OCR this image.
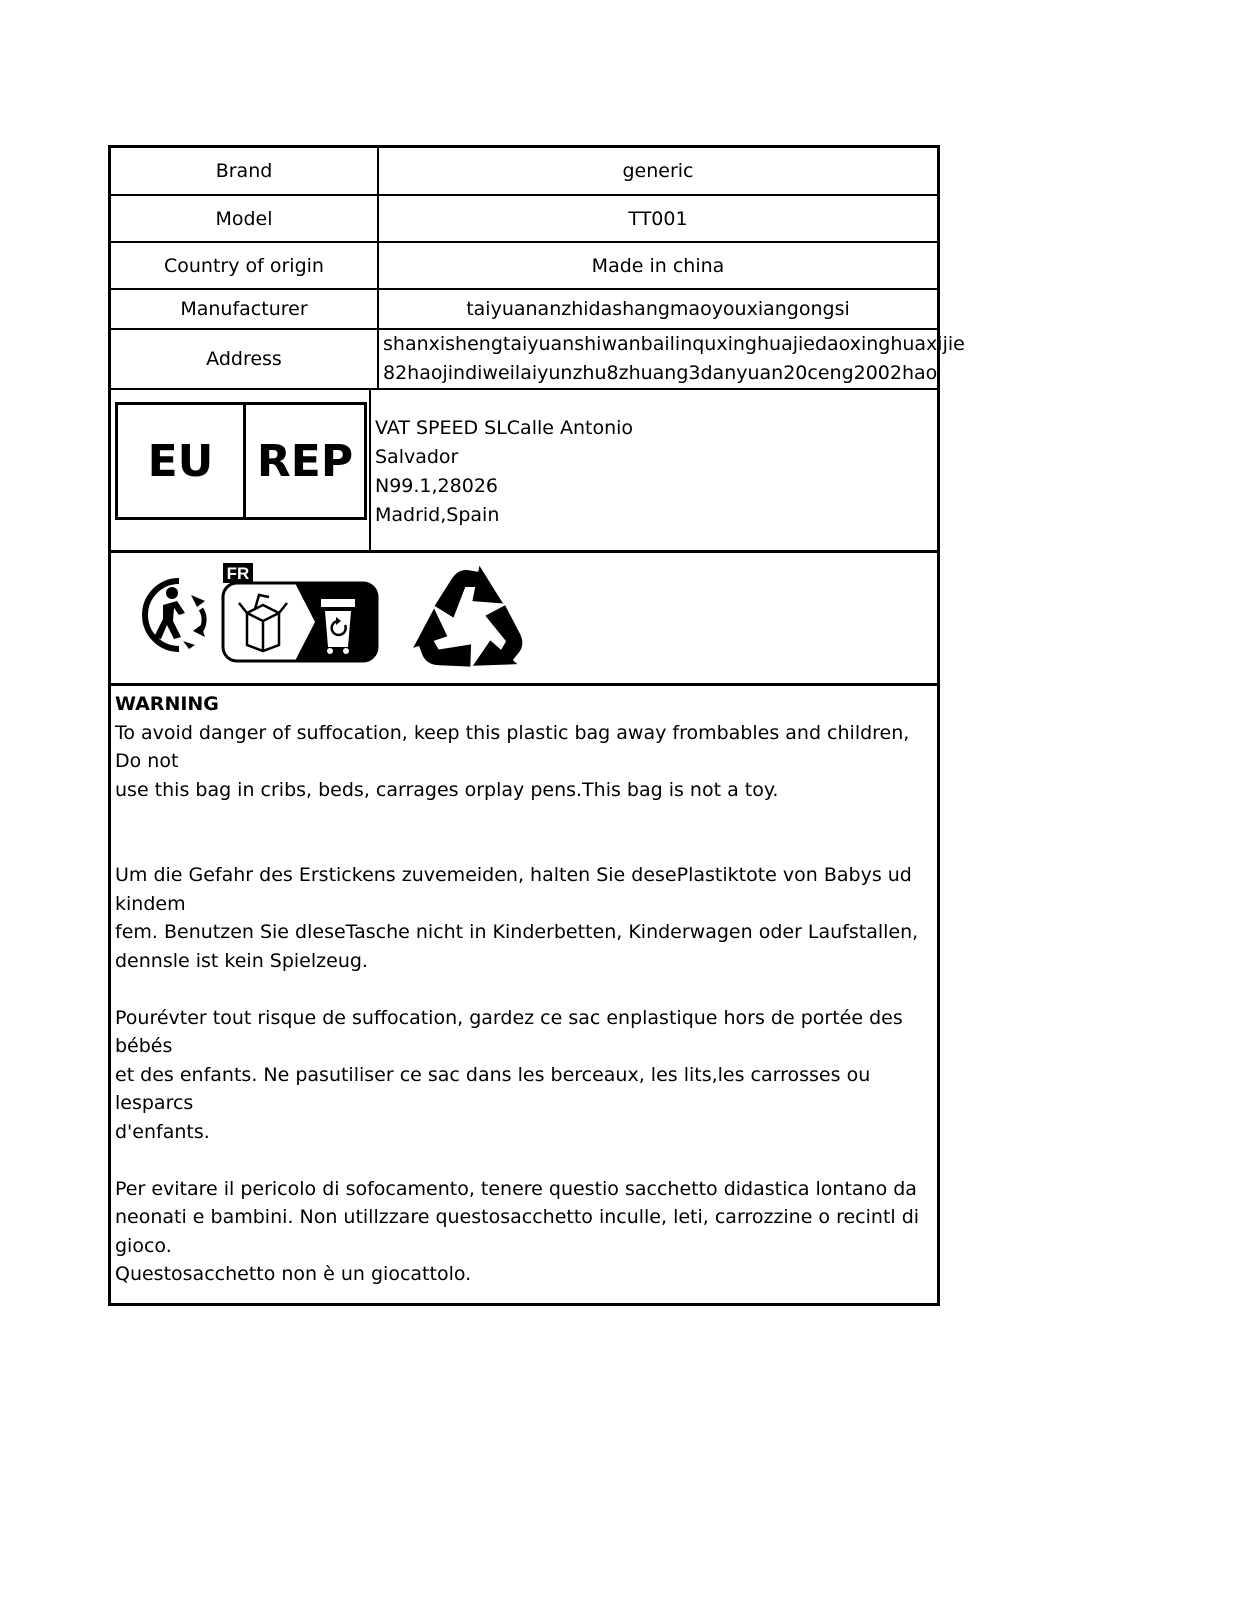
Brand	generic
Model	TT001
Country of origin	Made in china
Manufacturer	taiyuananzhidashangmaoyouxiangongsi
Address	shanxishengtaiyuanshiwanbailinquxinghuajiedaoxinghuaxijie
82haojindiweilaiyunzhu8zhuang3danyuan20ceng2002hao
EU REP
VAT SPEED SLCalle Antonio
Salvador
N99.1,28026
Madrid,Spain
FR
WARNING

To avoid danger of suffocation, keep this plastic bag away frombables and children, Do not
use this bag in cribs, beds, carrages orplay pens.This bag is not a toy.

Um die Gefahr des Erstickens zuvemeiden, halten Sie desePlastiktote von Babys ud kindem
fem. Benutzen Sie dleseTasche nicht in Kinderbetten, Kinderwagen oder Laufstallen,
dennsle ist kein Spielzeug.

Pourévter tout risque de suffocation, gardez ce sac enplastique hors de portée des bébés
et des enfants. Ne pasutiliser ce sac dans les berceaux, les lits,les carrosses ou lesparcs
d'enfants.

Per evitare il pericolo di sofocamento, tenere questio sacchetto didastica lontano da
neonati e bambini. Non utillzzare questosacchetto inculle, leti, carrozzine o recintl di gioco.
Questosacchetto non è un giocattolo.
